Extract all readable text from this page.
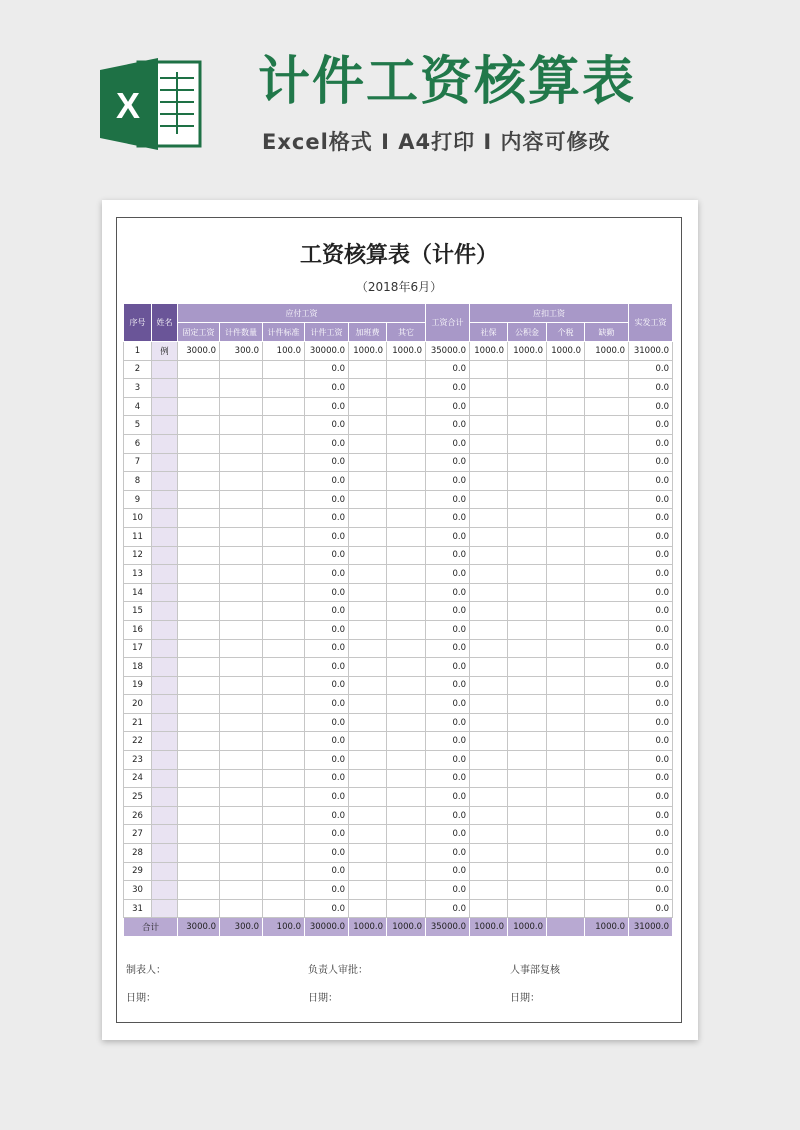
X 计件工资核算表
Excel格式 I A4打印 I 内容可修改
工资核算表（计件）
（2018年6月）
序号	姓名	应付工资						工资合计	应扣工资				实发工资
		固定工资	计件数量	计件标准	计件工资	加班费	其它		社保	公积金	个税	缺勤	
1	例	3000.0	300.0	100.0	30000.0	1000.0	1000.0	35000.0	1000.0	1000.0	1000.0	1000.0	31000.0
2					0.0			0.0					0.0
3					0.0			0.0					0.0
4					0.0			0.0					0.0
5					0.0			0.0					0.0
6					0.0			0.0					0.0
7					0.0			0.0					0.0
8					0.0			0.0					0.0
9					0.0			0.0					0.0
10					0.0			0.0					0.0
11					0.0			0.0					0.0
12					0.0			0.0					0.0
13					0.0			0.0					0.0
14					0.0			0.0					0.0
15					0.0			0.0					0.0
16					0.0			0.0					0.0
17					0.0			0.0					0.0
18					0.0			0.0					0.0
19					0.0			0.0					0.0
20					0.0			0.0					0.0
21					0.0			0.0					0.0
22					0.0			0.0					0.0
23					0.0			0.0					0.0
24					0.0			0.0					0.0
25					0.0			0.0					0.0
26					0.0			0.0					0.0
27					0.0			0.0					0.0
28					0.0			0.0					0.0
29					0.0			0.0					0.0
30					0.0			0.0					0.0
31					0.0			0.0					0.0
合计		3000.0	300.0	100.0	30000.0	1000.0	1000.0	35000.0	1000.0	1000.0		1000.0	31000.0
制表人：	负责人审批：	人事部复核
日期：	日期：	日期：
